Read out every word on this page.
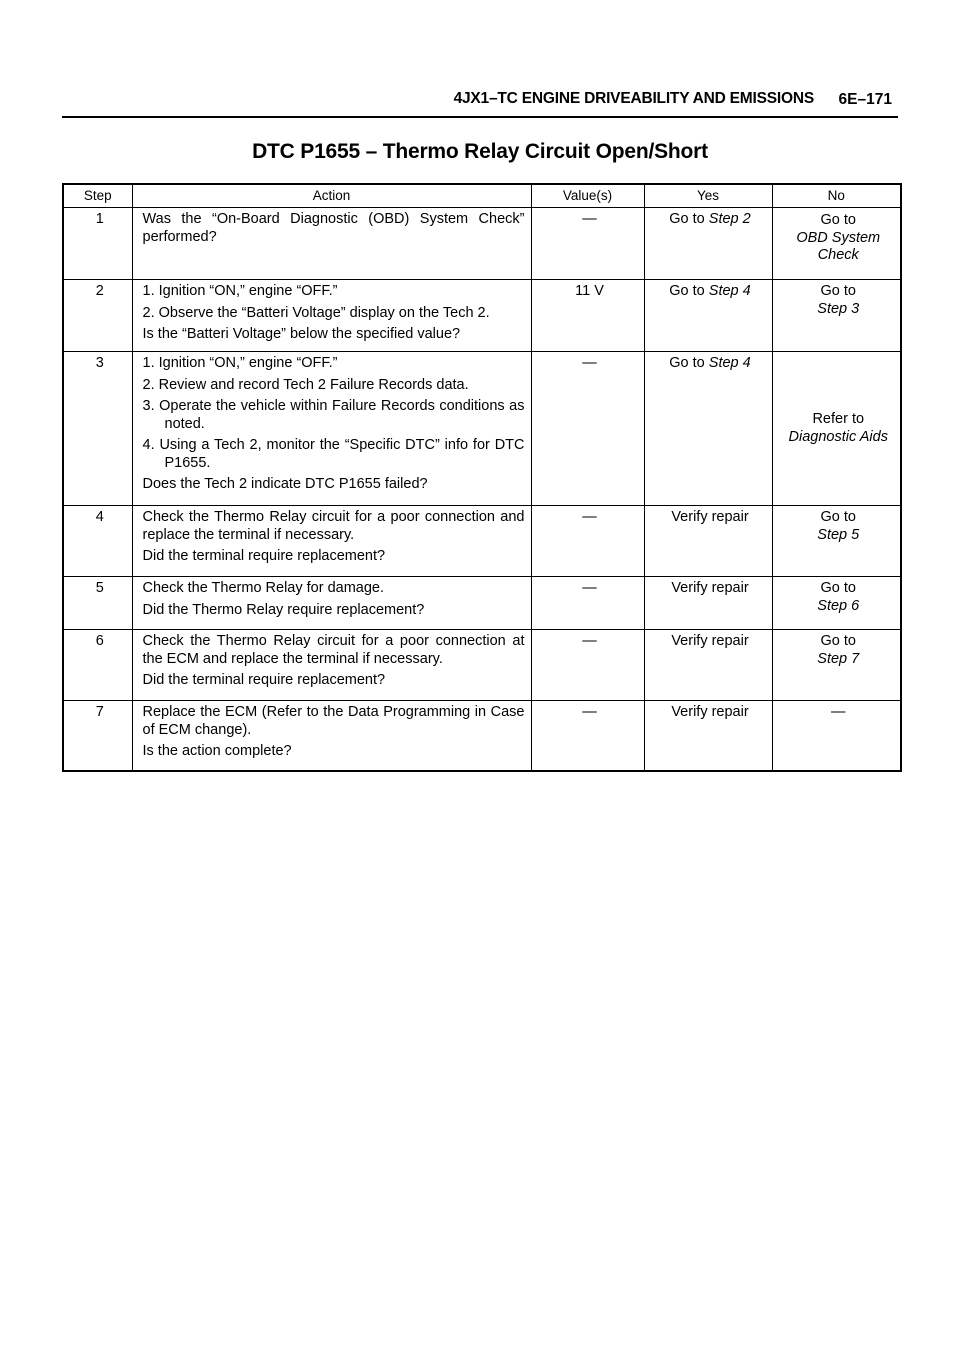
4JX1–TC ENGINE DRIVEABILITY AND EMISSIONS 6E–171
DTC P1655 – Thermo Relay Circuit Open/Short
Step	Action	Value(s)	Yes	No
1	Was the “On-Board Diagnostic (OBD) System Check” performed?	—	Go to Step 2	Go to
OBD System Check
2	1. Ignition “ON,” engine “OFF.”
2. Observe the “Batteri Voltage” display on the Tech 2.
Is the “Batteri Voltage” below the specified value?	11 V	Go to Step 4	Go to
Step 3
3	1. Ignition “ON,” engine “OFF.”
2. Review and record Tech 2 Failure Records data.
3. Operate the vehicle within Failure Records conditions as noted.
4. Using a Tech 2, monitor the “Specific DTC” info for DTC P1655.
Does the Tech 2 indicate DTC P1655 failed?	—	Go to Step 4	Refer to
Diagnostic Aids
4	Check the Thermo Relay circuit for a poor connection and replace the terminal if necessary.
Did the terminal require replacement?	—	Verify repair	Go to
Step 5
5	Check the Thermo Relay for damage.
Did the Thermo Relay require replacement?	—	Verify repair	Go to
Step 6
6	Check the Thermo Relay circuit for a poor connection at the ECM and replace the terminal if necessary.
Did the terminal require replacement?	—	Verify repair	Go to
Step 7
7	Replace the ECM (Refer to the Data Programming in Case of ECM change).
Is the action complete?	—	Verify repair	—
